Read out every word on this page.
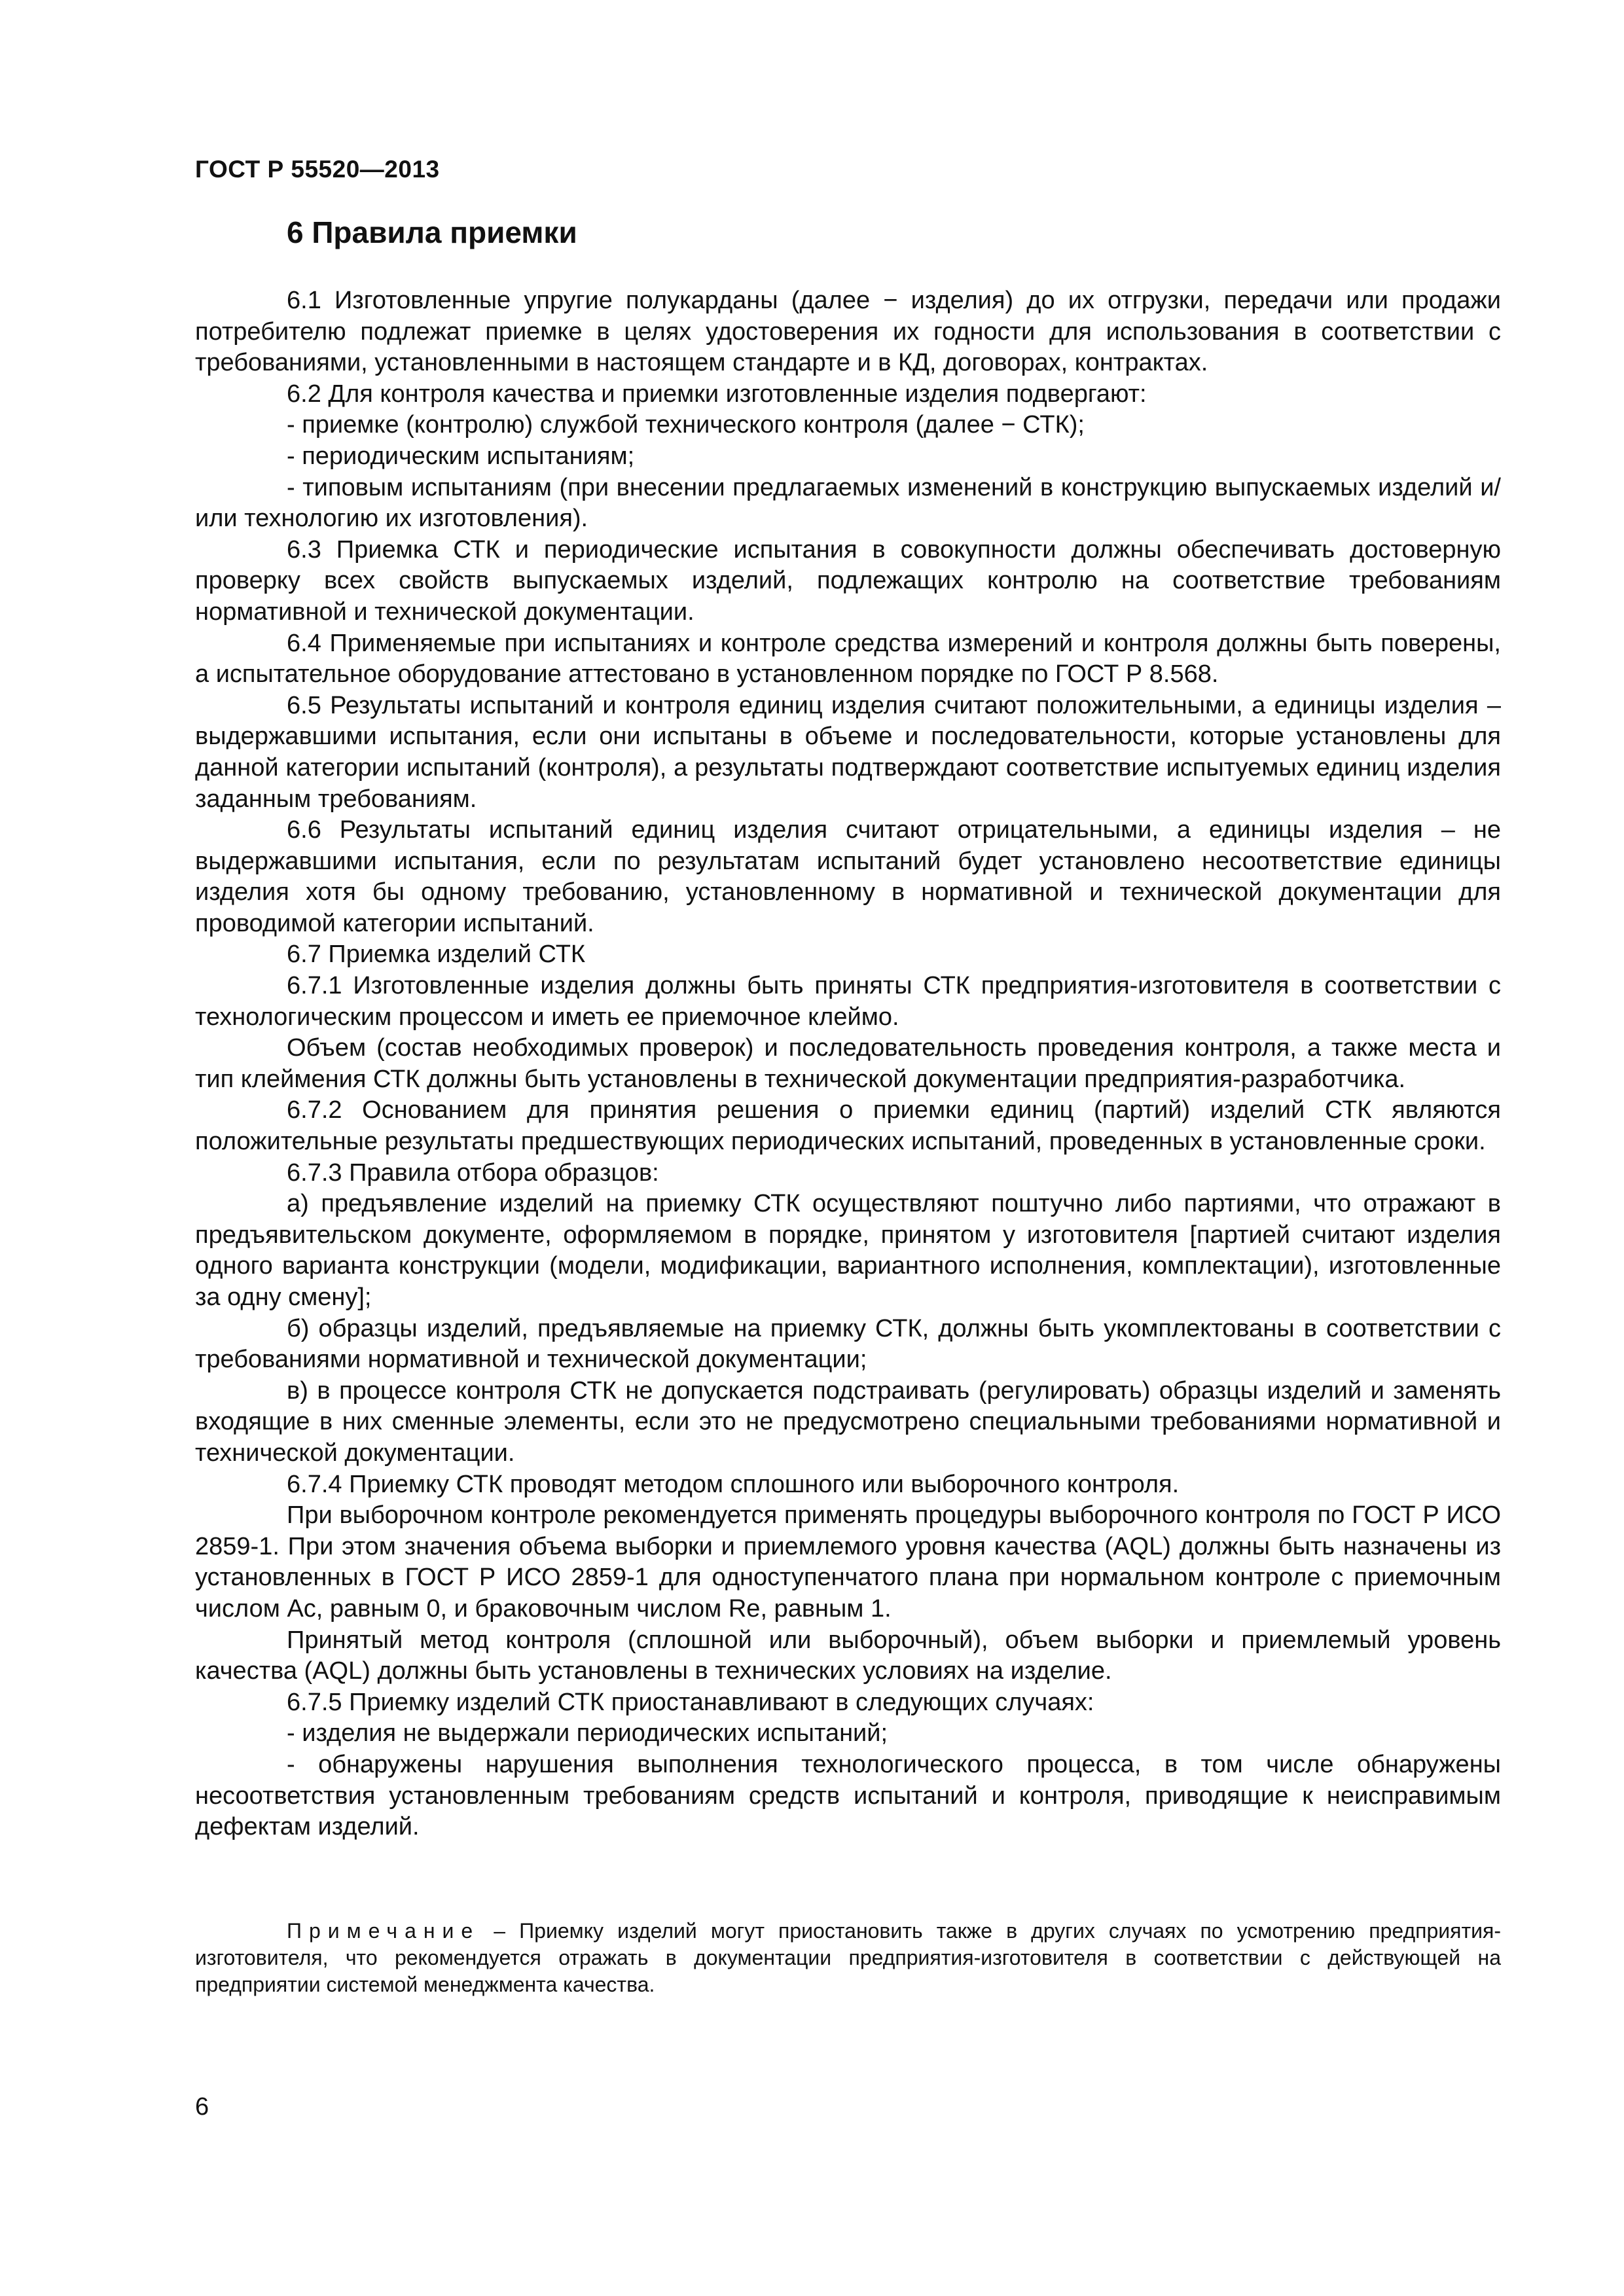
ГОСТ Р 55520—2013
6 Правила приемки

6.1 Изготовленные упругие полукарданы (далее − изделия) до их отгрузки, передачи или продажи потребителю подлежат приемке в целях удостоверения их годности для использования в соответствии с требованиями, установленными в настоящем стандарте и в КД, договорах, контрактах.

6.2 Для контроля качества и приемки изготовленные изделия подвергают:

- приемке (контролю) службой технического контроля (далее − СТК);

- периодическим испытаниям;

- типовым испытаниям (при внесении предлагаемых изменений в конструкцию выпускаемых изделий и/или технологию их изготовления).

6.3 Приемка СТК и периодические испытания в совокупности должны обеспечивать достоверную проверку всех свойств выпускаемых изделий, подлежащих контролю на соответствие требованиям нормативной и технической документации.

6.4 Применяемые при испытаниях и контроле средства измерений и контроля должны быть поверены, а испытательное оборудование аттестовано в установленном порядке по ГОСТ Р 8.568.

6.5 Результаты испытаний и контроля единиц изделия считают положительными, а единицы изделия – выдержавшими испытания, если они испытаны в объеме и последовательности, которые установлены для данной категории испытаний (контроля), а результаты подтверждают соответствие испытуемых единиц изделия заданным требованиям.

6.6 Результаты испытаний единиц изделия считают отрицательными, а единицы изделия – не выдержавшими испытания, если по результатам испытаний будет установлено несоответствие единицы изделия хотя бы одному требованию, установленному в нормативной и технической документации для проводимой категории испытаний.

6.7 Приемка изделий СТК

6.7.1 Изготовленные изделия должны быть приняты СТК предприятия-изготовителя в соответствии с технологическим процессом и иметь ее приемочное клеймо.

Объем (состав необходимых проверок) и последовательность проведения контроля, а также места и тип клеймения СТК должны быть установлены в технической документации предприятия-разработчика.

6.7.2 Основанием для принятия решения о приемки единиц (партий) изделий СТК являются положительные результаты предшествующих периодических испытаний, проведенных в установленные сроки.

6.7.3 Правила отбора образцов:

а) предъявление изделий на приемку СТК осуществляют поштучно либо партиями, что отражают в предъявительском документе, оформляемом в порядке, принятом у изготовителя [партией считают изделия одного варианта конструкции (модели, модификации, вариантного исполнения, комплектации), изготовленные за одну смену];

б) образцы изделий, предъявляемые на приемку СТК, должны быть укомплектованы в соответствии с требованиями нормативной и технической документации;

в) в процессе контроля СТК не допускается подстраивать (регулировать) образцы изделий и заменять входящие в них сменные элементы, если это не предусмотрено специальными требованиями нормативной и технической документации.

6.7.4 Приемку СТК проводят методом сплошного или выборочного контроля.

При выборочном контроле рекомендуется применять процедуры выборочного контроля по ГОСТ Р ИСО 2859-1. При этом значения объема выборки и приемлемого уровня качества (AQL) должны быть назначены из установленных в ГОСТ Р ИСО 2859-1 для одноступенчатого плана при нормальном контроле с приемочным числом Ac, равным 0, и браковочным числом Re, равным 1.

Принятый метод контроля (сплошной или выборочный), объем выборки и приемлемый уровень качества (AQL) должны быть установлены в технических условиях на изделие.

6.7.5 Приемку изделий СТК приостанавливают в следующих случаях:

- изделия не выдержали периодических испытаний;

- обнаружены нарушения выполнения технологического процесса, в том числе обнаружены несоответствия установленным требованиям средств испытаний и контроля, приводящие к неисправимым дефектам изделий.

Примечание – Приемку изделий могут приостановить также в других случаях по усмотрению предприятия-изготовителя, что рекомендуется отражать в документации предприятия-изготовителя в соответствии с действующей на предприятии системой менеджмента качества.

6
